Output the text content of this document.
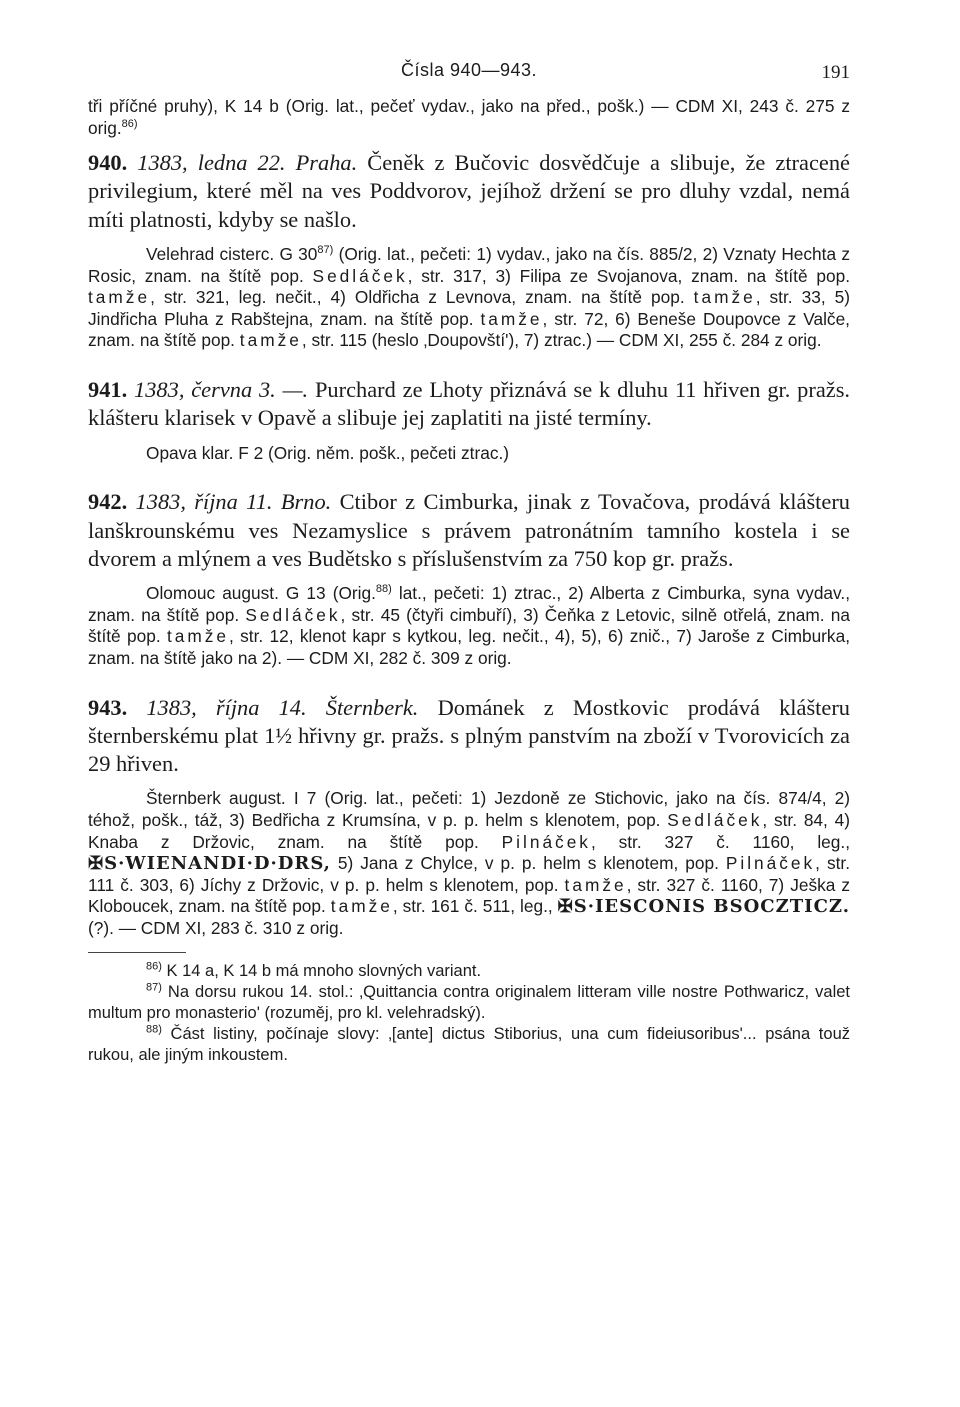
Čísla 940—943.	191
tři příčné pruhy), K 14 b (Orig. lat., pečeť vydav., jako na před., pošk.) — CDM XI, 243 č. 275 z orig.$^{86)}$
940. 1383, ledna 22. Praha. Čeněk z Bučovic dosvědčuje a slibuje, že ztracené privilegium, které měl na ves Poddvorov, jejíhož držení se pro dluhy vzdal, nemá míti platnosti, kdyby se našlo.
Velehrad cisterc. G 30$^{87)}$ (Orig. lat., pečeti: 1) vydav., jako na čís. 885/2, 2) Vznaty Hechta z Rosic, znam. na štítě pop. Sedláček, str. 317, 3) Filipa ze Svojanova, znam. na štítě pop. tamže, str. 321, leg. nečit., 4) Oldřicha z Levnova, znam. na štítě pop. tamže, str. 33, 5) Jindřicha Pluha z Rabštejna, znam. na štítě pop. tamže, str. 72, 6) Beneše Doupovce z Valče, znam. na štítě pop. tamže, str. 115 (heslo ‚Doupovští'), 7) ztrac.) — CDM XI, 255 č. 284 z orig.
941. 1383, června 3. —. Purchard ze Lhoty přiznává se k dluhu 11 hřiven gr. pražs. klášteru klarisek v Opavě a slibuje jej zaplatiti na jisté termíny.
Opava klar. F 2 (Orig. něm. pošk., pečeti ztrac.)
942. 1383, října 11. Brno. Ctibor z Cimburka, jinak z Tovačova, prodává klášteru lanškrounskému ves Nezamyslice s právem patronátním tamního kostela i se dvorem a mlýnem a ves Budětsko s příslušenstvím za 750 kop gr. pražs.
Olomouc august. G 13 (Orig.$^{88)}$ lat., pečeti: 1) ztrac., 2) Alberta z Cimburka, syna vydav., znam. na štítě pop. Sedláček, str. 45 (čtyři cimbuří), 3) Čeňka z Letovic, silně otřelá, znam. na štítě pop. tamže, str. 12, klenot kapr s kytkou, leg. nečit., 4), 5), 6) znič., 7) Jaroše z Cimburka, znam. na štítě jako na 2). — CDM XI, 282 č. 309 z orig.
943. 1383, října 14. Šternberk. Dománek z Mostkovic prodává klášteru šternberskému plat 1½ hřivny gr. pražs. s plným panstvím na zboží v Tvorovicích za 29 hřiven.
Šternberk august. I 7 (Orig. lat., pečeti: 1) Jezdoně ze Stichovic, jako na čís. 874/4, 2) téhož, pošk., táž, 3) Bedřicha z Krumsína, v p. p. helm s klenotem, pop. Sedláček, str. 84, 4) Knaba z Držovic, znam. na štítě pop. Pilnáček, str. 327 č. 1160, leg., ✠S·WIENANDI·D·DRS, 5) Jana z Chylce, v p. p. helm s klenotem, pop. Pilnáček, str. 111 č. 303, 6) Jíchy z Držovic, v p. p. helm s klenotem, pop. tamže, str. 327 č. 1160, 7) Ješka z Kloboucek, znam. na štítě pop. tamže, str. 161 č. 511, leg., ✠S·IESCONIS BSOCZTICZ. (?). — CDM XI, 283 č. 310 z orig.
$^{86)}$ K 14 a, K 14 b má mnoho slovných variant.
$^{87)}$ Na dorsu rukou 14. stol.: ‚Quittancia contra originalem litteram ville nostre Pothwaricz, valet multum pro monasterio' (rozuměj, pro kl. velehradský).
$^{88)}$ Část listiny, počínaje slovy: ‚[ante] dictus Stiborius, una cum fideiusoribus'... psána touž rukou, ale jiným inkoustem.
